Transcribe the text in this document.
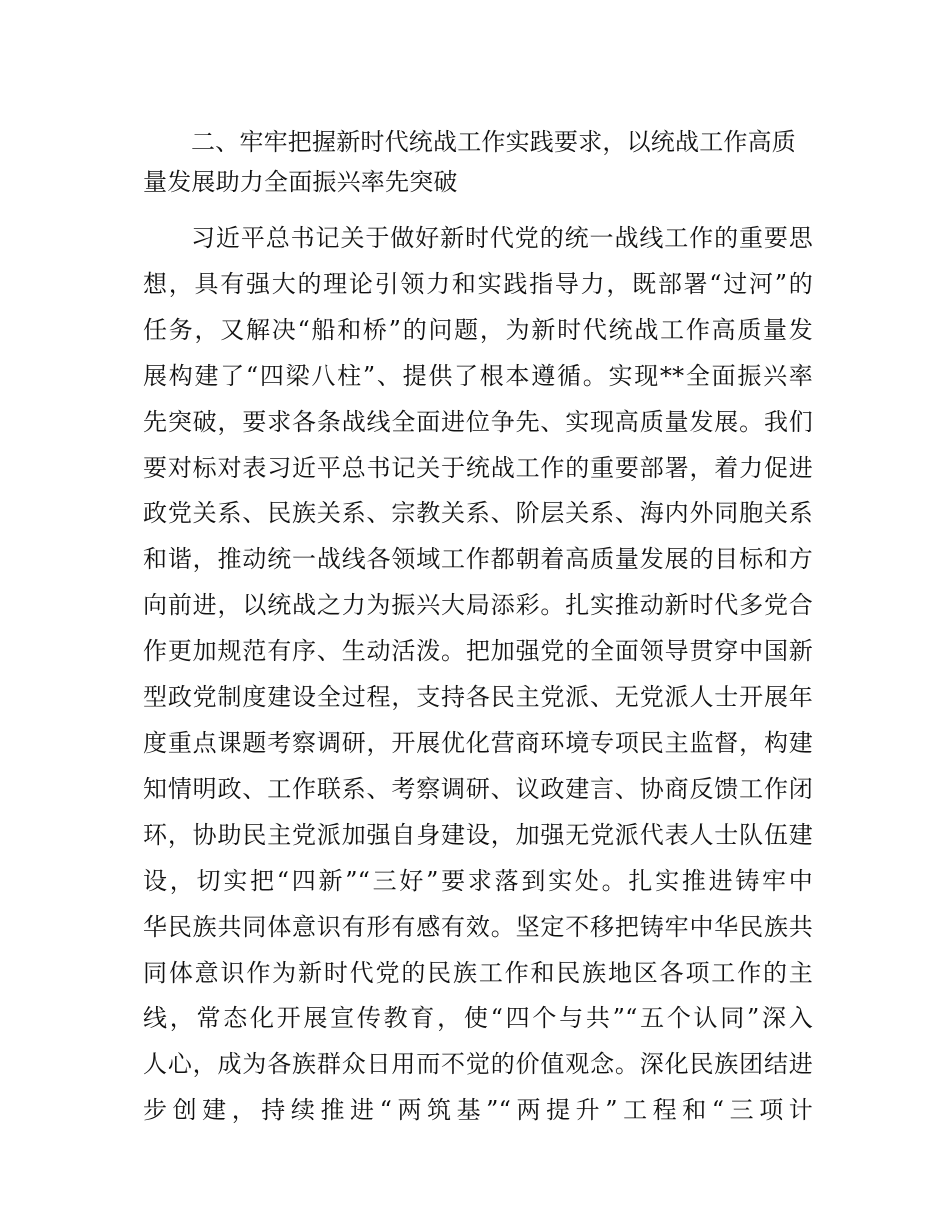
二、牢牢把握新时代统战工作实践要求，以统战工作高质
量发展助力全面振兴率先突破
习近平总书记关于做好新时代党的统一战线工作的重要思
想，具有强大的理论引领力和实践指导力，既部署“过河”的
任务，又解决“船和桥”的问题，为新时代统战工作高质量发
展构建了“四梁八柱”、提供了根本遵循。实现**全面振兴率
先突破，要求各条战线全面进位争先、实现高质量发展。我们
要对标对表习近平总书记关于统战工作的重要部署，着力促进
政党关系、民族关系、宗教关系、阶层关系、海内外同胞关系
和谐，推动统一战线各领域工作都朝着高质量发展的目标和方
向前进，以统战之力为振兴大局添彩。扎实推动新时代多党合
作更加规范有序、生动活泼。把加强党的全面领导贯穿中国新
型政党制度建设全过程，支持各民主党派、无党派人士开展年
度重点课题考察调研，开展优化营商环境专项民主监督，构建
知情明政、工作联系、考察调研、议政建言、协商反馈工作闭
环，协助民主党派加强自身建设，加强无党派代表人士队伍建
设，切实把“四新”“三好”要求落到实处。扎实推进铸牢中
华民族共同体意识有形有感有效。坚定不移把铸牢中华民族共
同体意识作为新时代党的民族工作和民族地区各项工作的主
线，常态化开展宣传教育，使“四个与共”“五个认同”深入
人心，成为各族群众日用而不觉的价值观念。深化民族团结进
步创建，持续推进“两筑基”“两提升”工程和“三项计
